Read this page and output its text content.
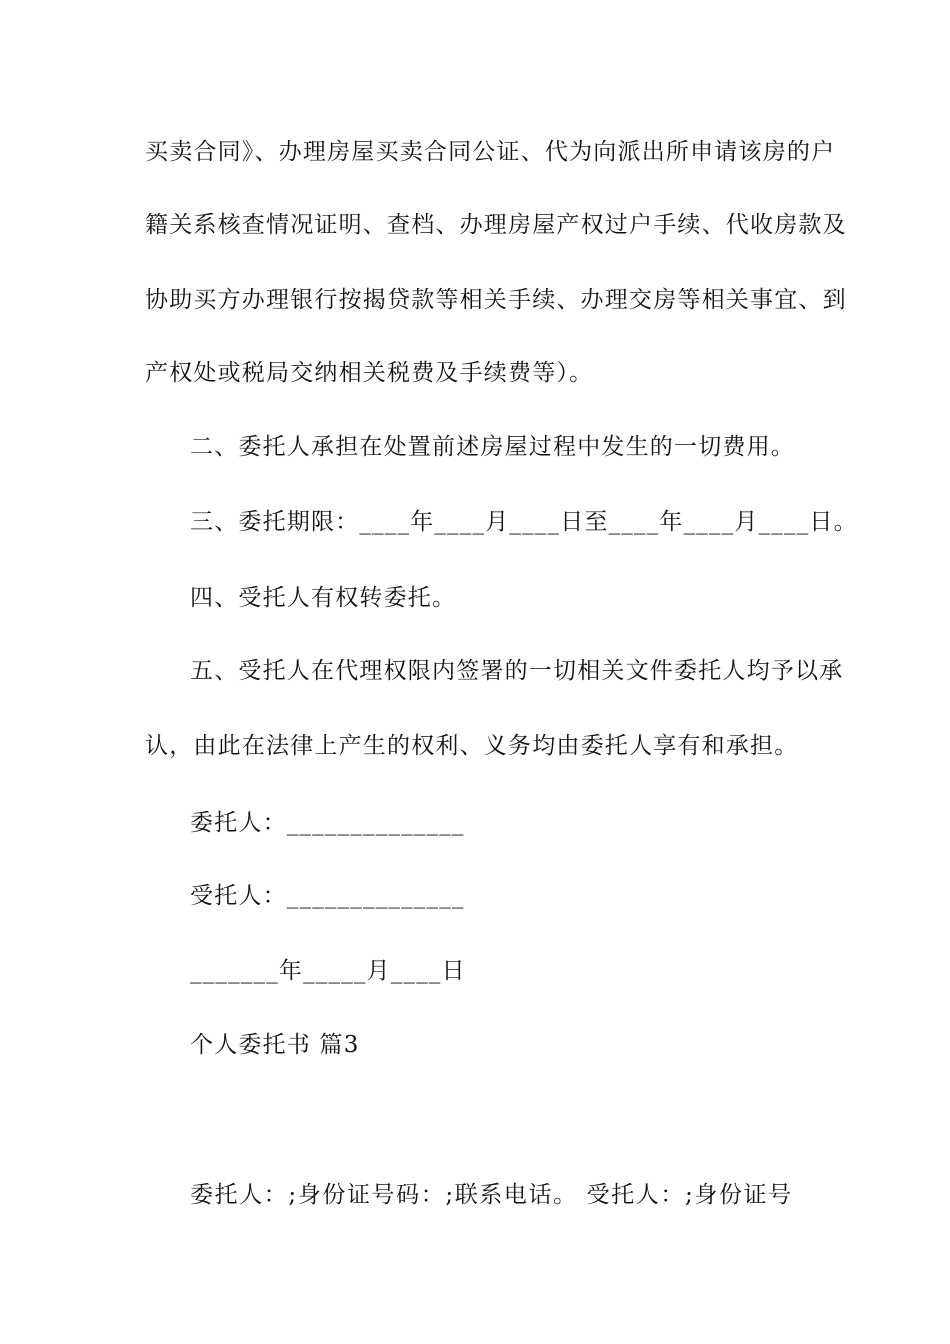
买卖合同》、办理房屋买卖合同公证、代为向派出所申请该房的户
籍关系核查情况证明、查档、办理房屋产权过户手续、代收房款及
协助买方办理银行按揭贷款等相关手续、办理交房等相关事宜、到
产权处或税局交纳相关税费及手续费等）。
二、委托人承担在处置前述房屋过程中发生的一切费用。
三、委托期限：____年____月____日至____年____月____日。
四、受托人有权转委托。
五、受托人在代理权限内签署的一切相关文件委托人均予以承
认，由此在法律上产生的权利、义务均由委托人享有和承担。
委托人：______________
受托人：______________
_______年_____月____日
个人委托书 篇3
委托人：;身份证号码：;联系电话。 受托人：;身份证号
